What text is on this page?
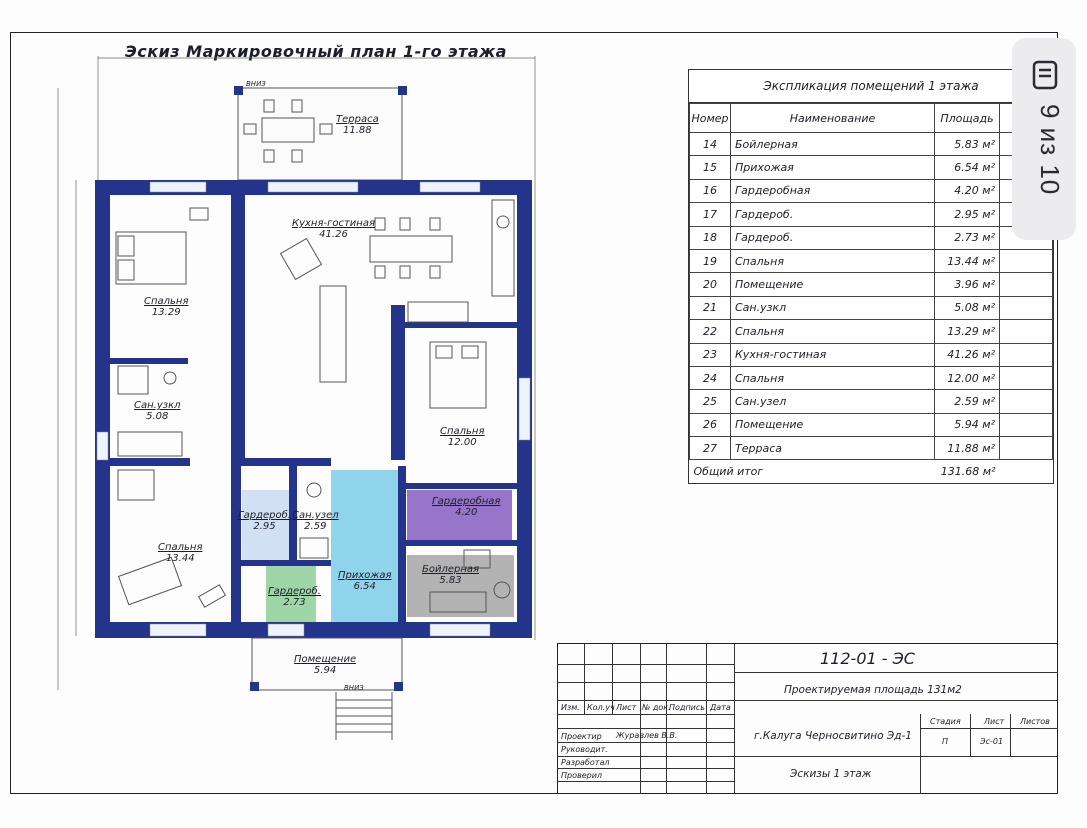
Эскиз Маркировочный план 1-го этажа
ВНИЗ
ВНИЗ
Терраса
11.88
Кухня-гостиная
41.26
Спальня
13.29
Сан.узкл
5.08
Спальня
12.00
Спальня
13.44
Гардероб.
2.95
Сан.узел
2.59
Гардеробная
4.20
Прихожая
6.54
Бойлерная
5.83
Гардероб.
2.73
Помещение
5.94
Экспликация помещений 1 этажа
Номер	Наименование	Площадь	
14	Бойлерная	5.83 м²	
15	Прихожая	6.54 м²	
16	Гардеробная	4.20 м²	
17	Гардероб.	2.95 м²	
18	Гардероб.	2.73 м²	
19	Спальня	13.44 м²	
20	Помещение	3.96 м²	
21	Сан.узкл	5.08 м²	
22	Спальня	13.29 м²	
23	Кухня-гостиная	41.26 м²	
24	Спальня	12.00 м²	
25	Сан.узел	2.59 м²	
26	Помещение	5.94 м²	
27	Терраса	11.88 м²	
Общий итог		131.68 м²	
Изм. Кол.уч Лист № док.
Подпись Дата
Проектир Журавлев В.В.
Руководит.
Разработал
Проверил
112-01 - ЭС
Проектируемая площадь 131м2
г.Калуга Черносвитино Эд-1
Стадия	Лист Листов
П	Эс-01
Эскизы 1 этаж
9 из 10
